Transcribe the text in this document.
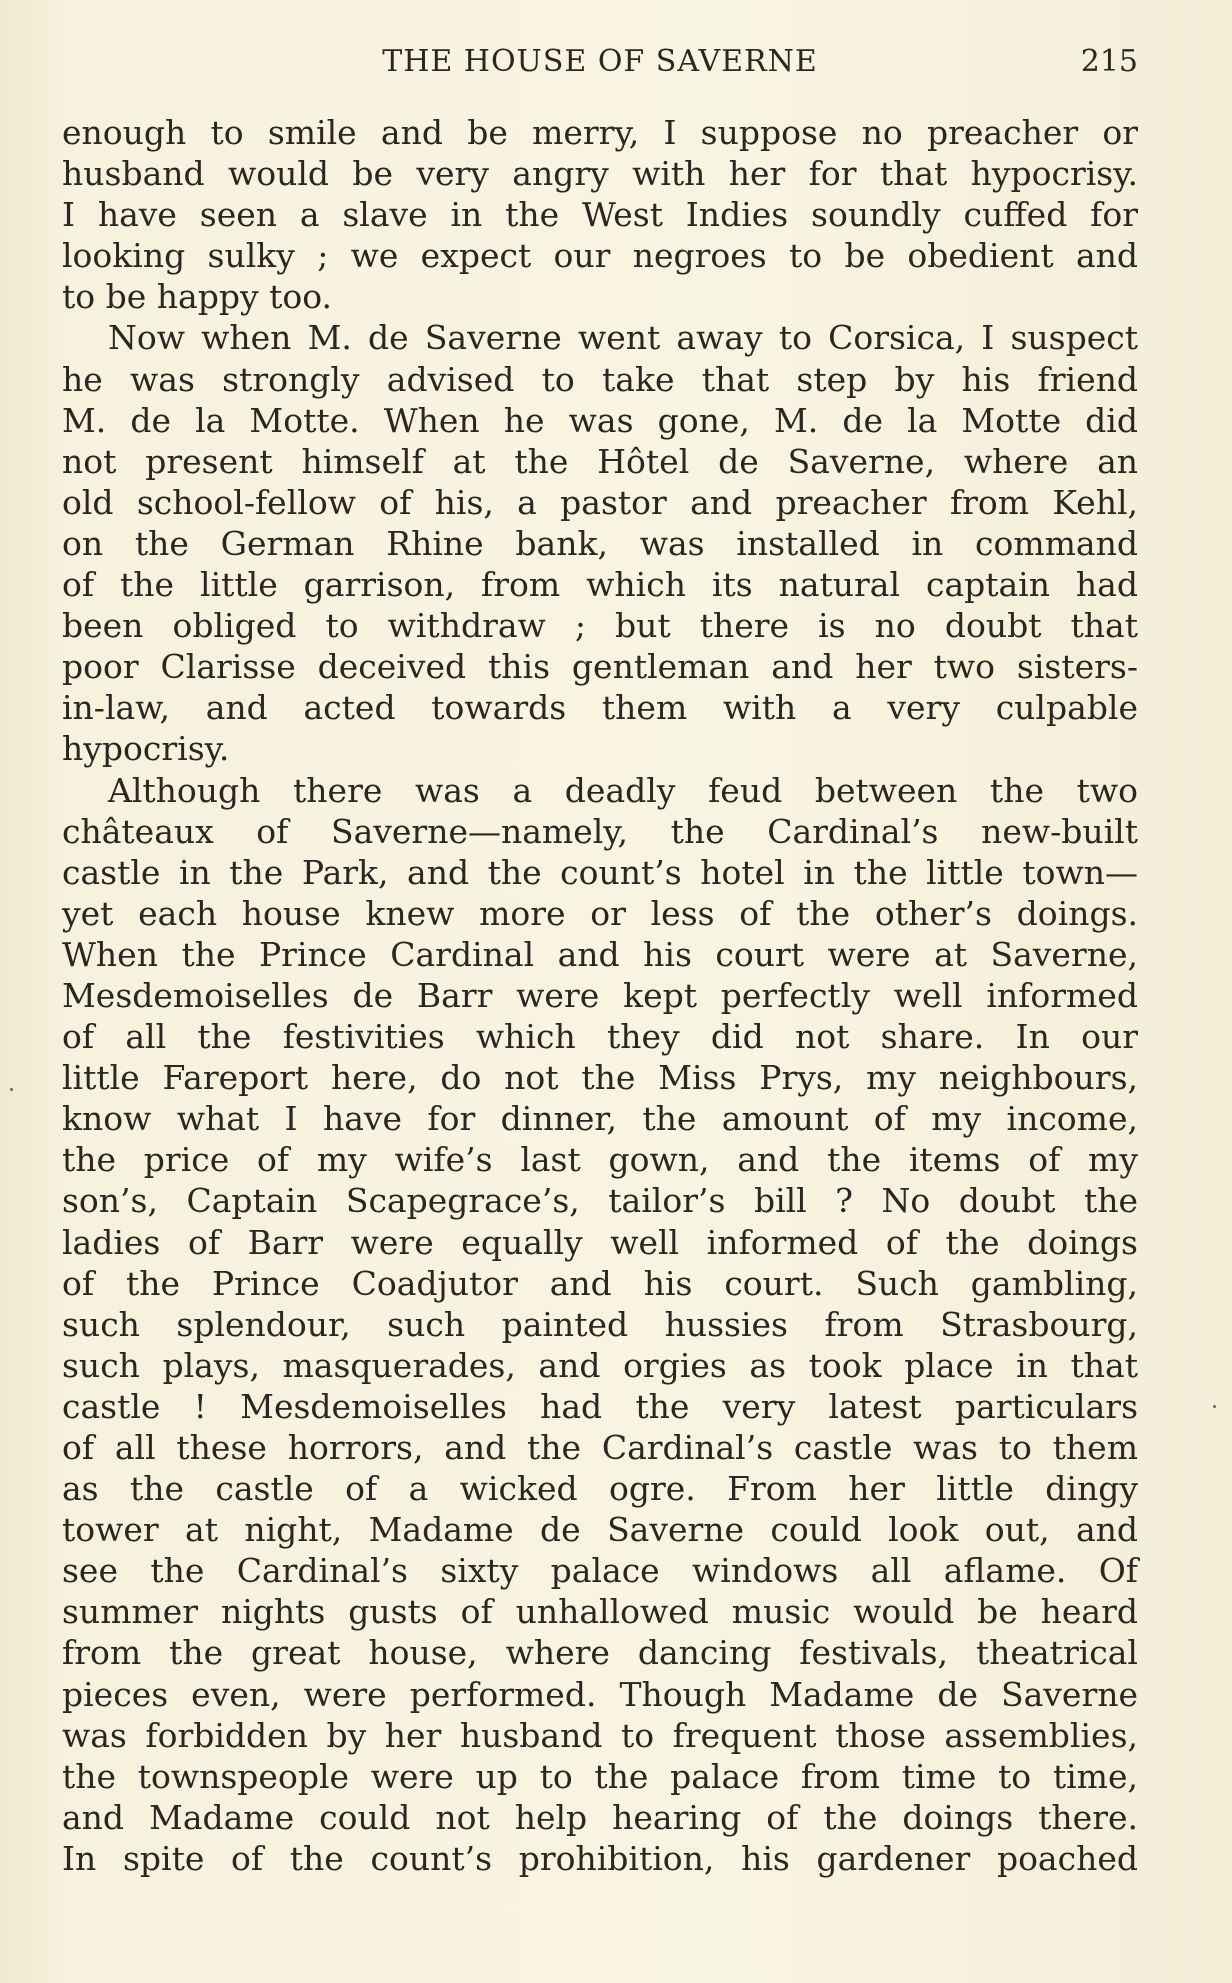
THE HOUSE OF SAVERNE	215
enough to smile and be merry, I suppose no preacher or
husband would be very angry with her for that hypocrisy.
I have seen a slave in the West Indies soundly cuffed for
looking sulky ; we expect our negroes to be obedient and
to be happy too.
Now when M. de Saverne went away to Corsica, I suspect
he was strongly advised to take that step by his friend
M. de la Motte. When he was gone, M. de la Motte did
not present himself at the Hôtel de Saverne, where an
old school-fellow of his, a pastor and preacher from Kehl,
on the German Rhine bank, was installed in command
of the little garrison, from which its natural captain had
been obliged to withdraw ; but there is no doubt that
poor Clarisse deceived this gentleman and her two sisters-
in-law, and acted towards them with a very culpable
hypocrisy.
Although there was a deadly feud between the two
châteaux of Saverne—namely, the Cardinal’s new-built
castle in the Park, and the count’s hotel in the little town—
yet each house knew more or less of the other’s doings.
When the Prince Cardinal and his court were at Saverne,
Mesdemoiselles de Barr were kept perfectly well informed
of all the festivities which they did not share. In our
little Fareport here, do not the Miss Prys, my neighbours,
know what I have for dinner, the amount of my income,
the price of my wife’s last gown, and the items of my
son’s, Captain Scapegrace’s, tailor’s bill ? No doubt the
ladies of Barr were equally well informed of the doings
of the Prince Coadjutor and his court. Such gambling,
such splendour, such painted hussies from Strasbourg,
such plays, masquerades, and orgies as took place in that
castle ! Mesdemoiselles had the very latest particulars
of all these horrors, and the Cardinal’s castle was to them
as the castle of a wicked ogre. From her little dingy
tower at night, Madame de Saverne could look out, and
see the Cardinal’s sixty palace windows all aflame. Of
summer nights gusts of unhallowed music would be heard
from the great house, where dancing festivals, theatrical
pieces even, were performed. Though Madame de Saverne
was forbidden by her husband to frequent those assemblies,
the townspeople were up to the palace from time to time,
and Madame could not help hearing of the doings there.
In spite of the count’s prohibition, his gardener poached
